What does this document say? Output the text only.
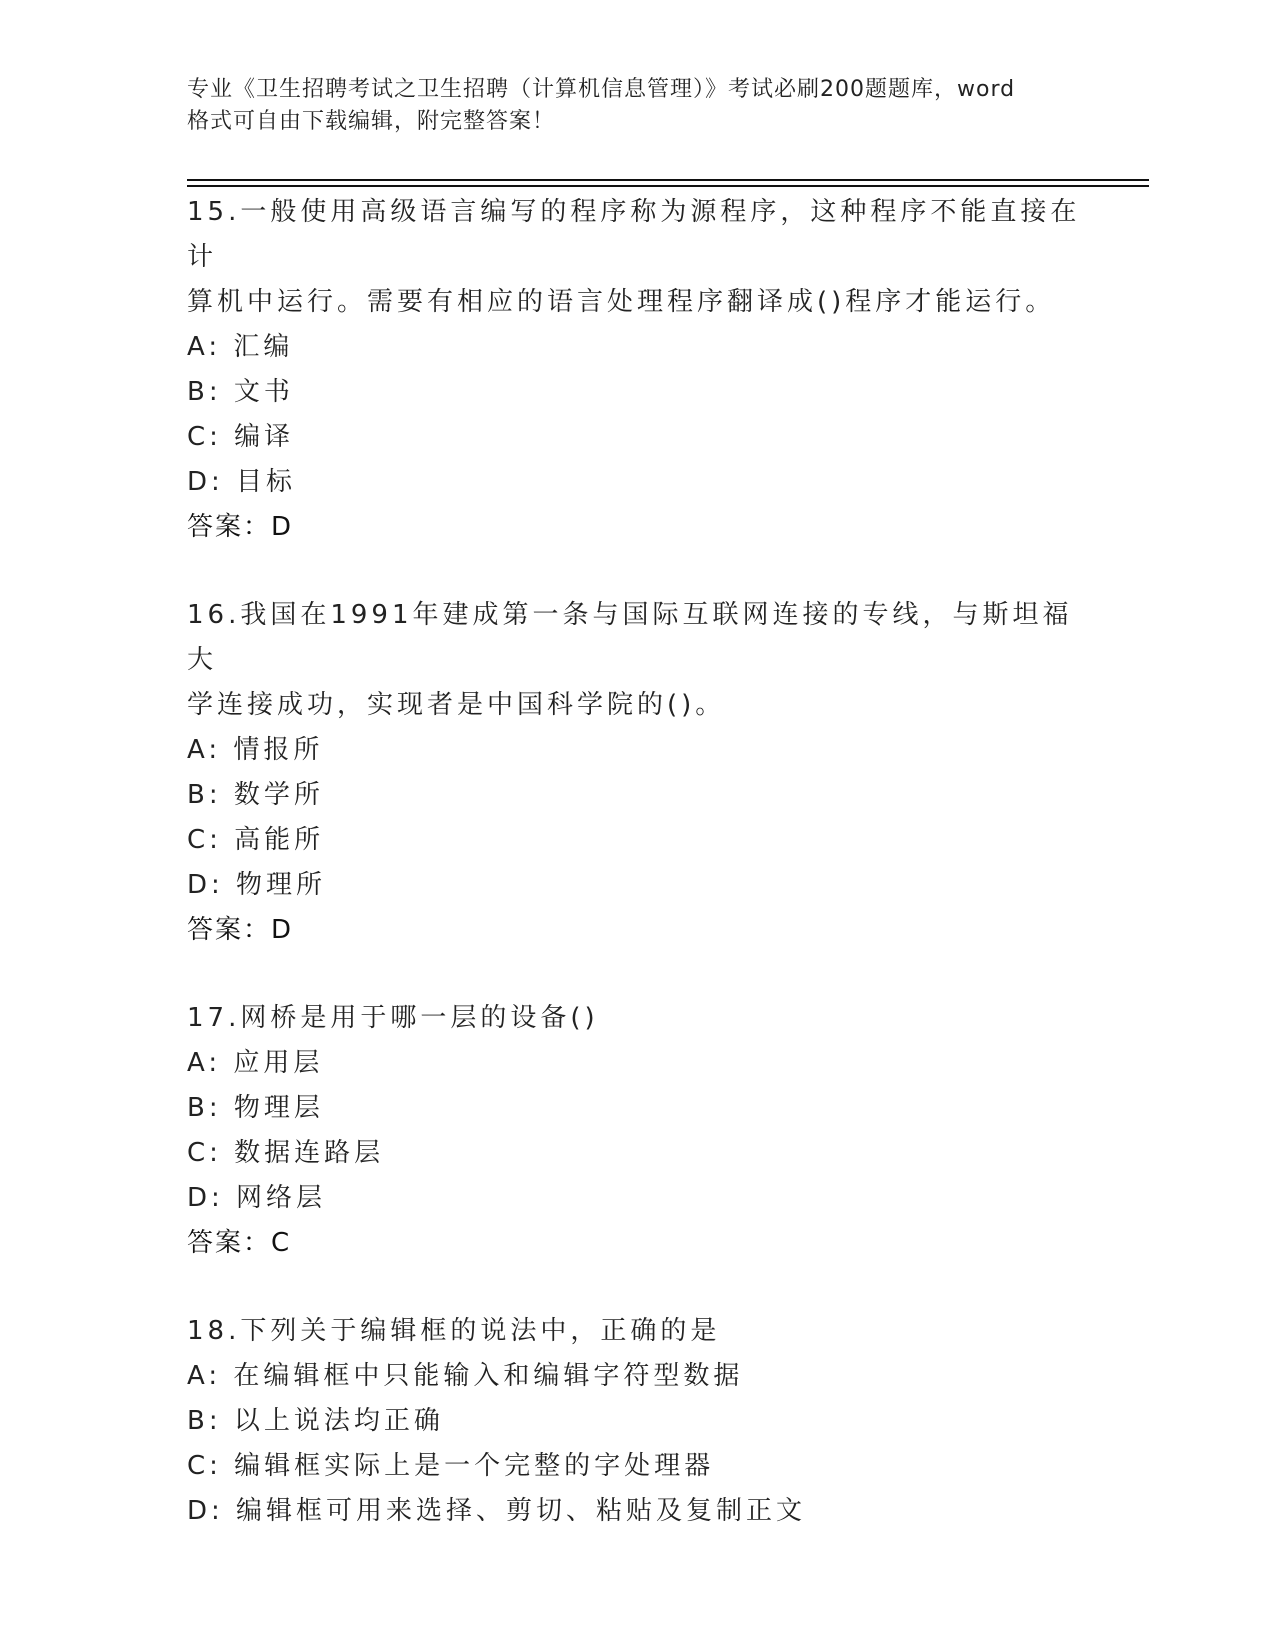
专业《卫生招聘考试之卫生招聘（计算机信息管理）》考试必刷200题题库，word
格式可自由下载编辑，附完整答案！
15.一般使用高级语言编写的程序称为源程序，这种程序不能直接在计
算机中运行。需要有相应的语言处理程序翻译成()程序才能运行。
A: 汇编
B: 文书
C: 编译
D: 目标
答案：D
16.我国在1991年建成第一条与国际互联网连接的专线，与斯坦福大
学连接成功，实现者是中国科学院的()。
A: 情报所
B: 数学所
C: 高能所
D: 物理所
答案：D
17.网桥是用于哪一层的设备()
A: 应用层
B: 物理层
C: 数据连路层
D: 网络层
答案：C
18.下列关于编辑框的说法中，正确的是
A: 在编辑框中只能输入和编辑字符型数据
B: 以上说法均正确
C: 编辑框实际上是一个完整的字处理器
D: 编辑框可用来选择、剪切、粘贴及复制正文
